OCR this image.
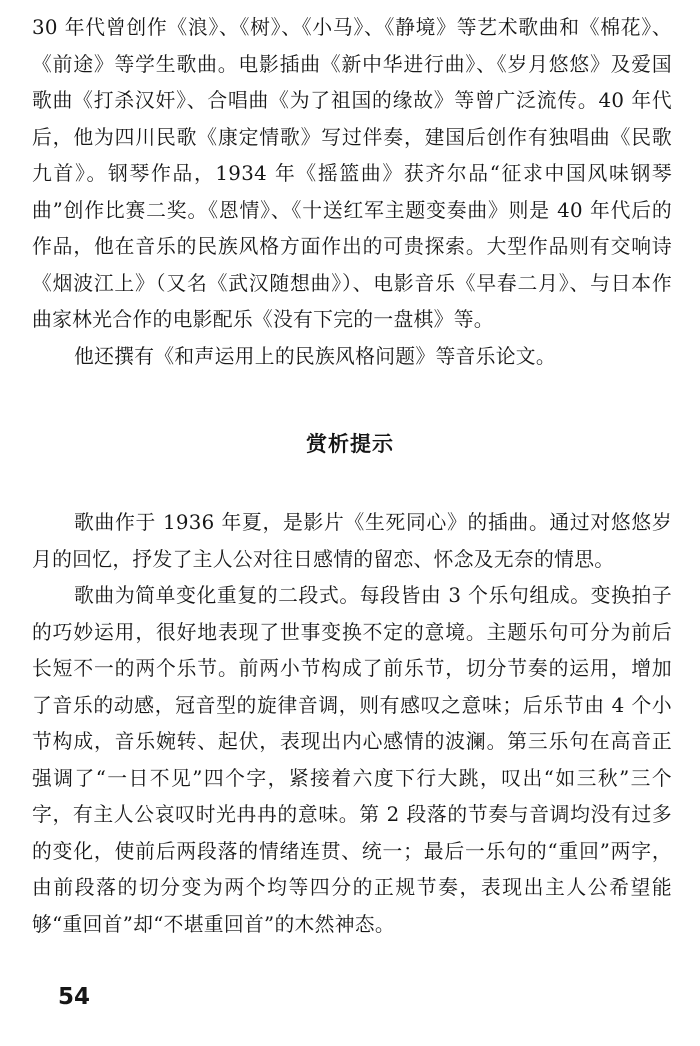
30 年代曾创作《浪》、《树》、《小马》、《静境》等艺术歌曲和《棉花》、《前途》等学生歌曲。电影插曲《新中华进行曲》、《岁月悠悠》及爱国歌曲《打杀汉奸》、合唱曲《为了祖国的缘故》等曾广泛流传。40 年代后，他为四川民歌《康定情歌》写过伴奏，建国后创作有独唱曲《民歌九首》。钢琴作品，1934 年《摇篮曲》获齐尔品“征求中国风味钢琴曲”创作比赛二奖。《恩情》、《十送红军主题变奏曲》则是 40 年代后的作品，他在音乐的民族风格方面作出的可贵探索。大型作品则有交响诗《烟波江上》（又名《武汉随想曲》）、电影音乐《早春二月》、与日本作曲家林光合作的电影配乐《没有下完的一盘棋》等。

他还撰有《和声运用上的民族风格问题》等音乐论文。

赏析提示

歌曲作于 1936 年夏，是影片《生死同心》的插曲。通过对悠悠岁月的回忆，抒发了主人公对往日感情的留恋、怀念及无奈的情思。

歌曲为简单变化重复的二段式。每段皆由 3 个乐句组成。变换拍子的巧妙运用，很好地表现了世事变换不定的意境。主题乐句可分为前后长短不一的两个乐节。前两小节构成了前乐节，切分节奏的运用，增加了音乐的动感，冠音型的旋律音调，则有感叹之意味；后乐节由 4 个小节构成，音乐婉转、起伏，表现出内心感情的波澜。第三乐句在高音正强调了“一日不见”四个字，紧接着六度下行大跳，叹出“如三秋”三个字，有主人公哀叹时光冉冉的意味。第 2 段落的节奏与音调均没有过多的变化，使前后两段落的情绪连贯、统一；最后一乐句的“重回”两字，由前段落的切分变为两个均等四分的正规节奏，表现出主人公希望能够“重回首”却“不堪重回首”的木然神态。

54
